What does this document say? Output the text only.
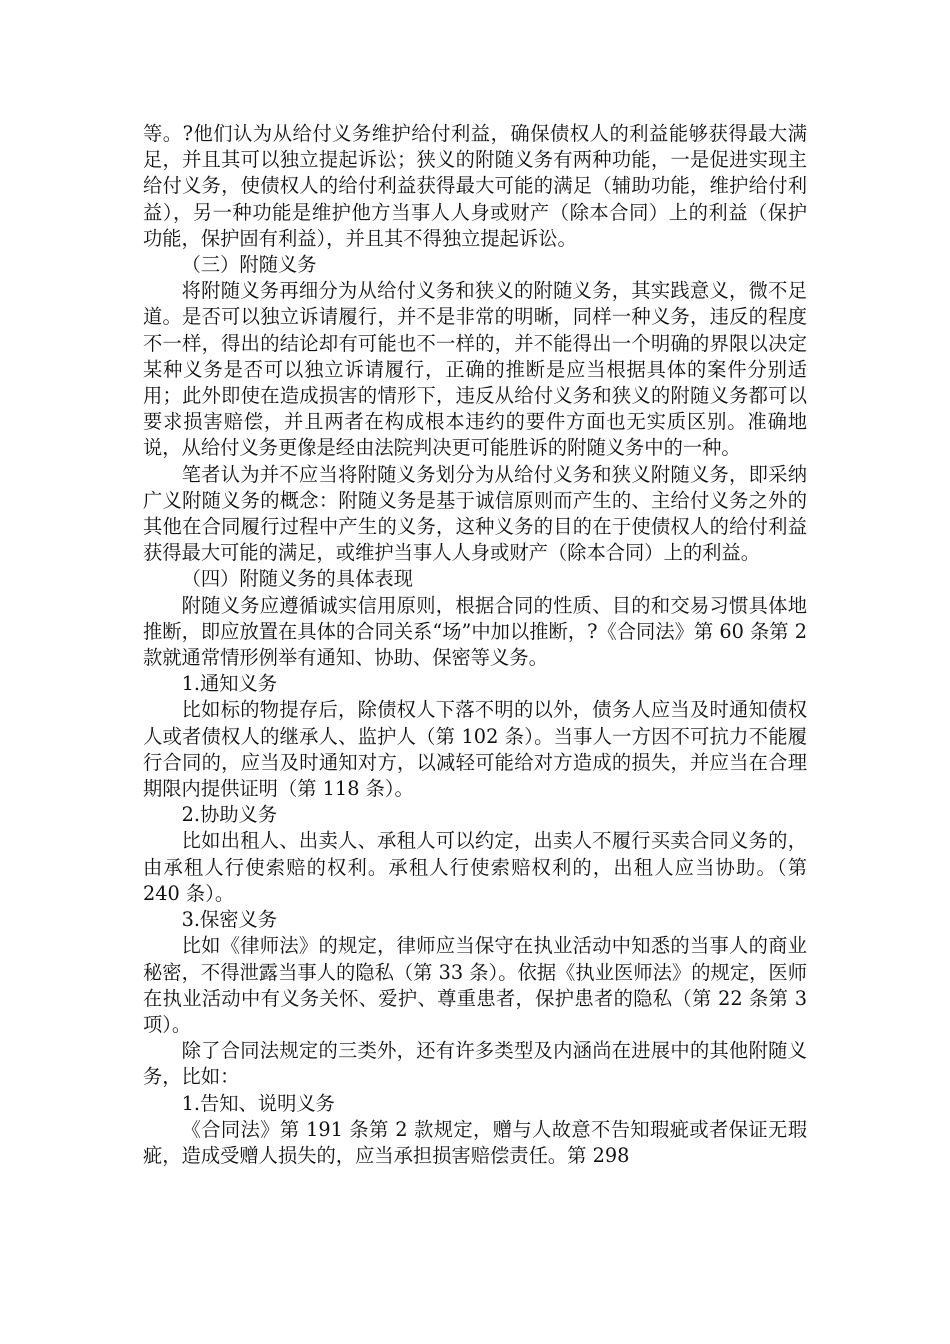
等。?他们认为从给付义务维护给付利益，确保债权人的利益能够获得最大满足，并且其可以独立提起诉讼；狭义的附随义务有两种功能，一是促进实现主给付义务，使债权人的给付利益获得最大可能的满足（辅助功能，维护给付利益），另一种功能是维护他方当事人人身或财产（除本合同）上的利益（保护功能，保护固有利益），并且其不得独立提起诉讼。

（三）附随义务

将附随义务再细分为从给付义务和狭义的附随义务，其实践意义，微不足道。是否可以独立诉请履行，并不是非常的明晰，同样一种义务，违反的程度不一样，得出的结论却有可能也不一样的，并不能得出一个明确的界限以决定某种义务是否可以独立诉请履行，正确的推断是应当根据具体的案件分别适用；此外即使在造成损害的情形下，违反从给付义务和狭义的附随义务都可以要求损害赔偿，并且两者在构成根本违约的要件方面也无实质区别。准确地说，从给付义务更像是经由法院判决更可能胜诉的附随义务中的一种。

笔者认为并不应当将附随义务划分为从给付义务和狭义附随义务，即采纳广义附随义务的概念：附随义务是基于诚信原则而产生的、主给付义务之外的其他在合同履行过程中产生的义务，这种义务的目的在于使债权人的给付利益获得最大可能的满足，或维护当事人人身或财产（除本合同）上的利益。

（四）附随义务的具体表现

附随义务应遵循诚实信用原则，根据合同的性质、目的和交易习惯具体地推断，即应放置在具体的合同关系“场”中加以推断，?《合同法》第 60 条第 2 款就通常情形例举有通知、协助、保密等义务。

1.通知义务

比如标的物提存后，除债权人下落不明的以外，债务人应当及时通知债权人或者债权人的继承人、监护人（第 102 条）。当事人一方因不可抗力不能履行合同的，应当及时通知对方，以减轻可能给对方造成的损失，并应当在合理期限内提供证明（第 118 条）。

2.协助义务

比如出租人、出卖人、承租人可以约定，出卖人不履行买卖合同义务的，由承租人行使索赔的权利。承租人行使索赔权利的，出租人应当协助。（第 240 条）。

3.保密义务

比如《律师法》的规定，律师应当保守在执业活动中知悉的当事人的商业秘密，不得泄露当事人的隐私（第 33 条）。依据《执业医师法》的规定，医师在执业活动中有义务关怀、爱护、尊重患者，保护患者的隐私（第 22 条第 3 项）。

除了合同法规定的三类外，还有许多类型及内涵尚在进展中的其他附随义务，比如：

1.告知、说明义务

《合同法》第 191 条第 2 款规定，赠与人故意不告知瑕疵或者保证无瑕疵，造成受赠人损失的，应当承担损害赔偿责任。第 298
